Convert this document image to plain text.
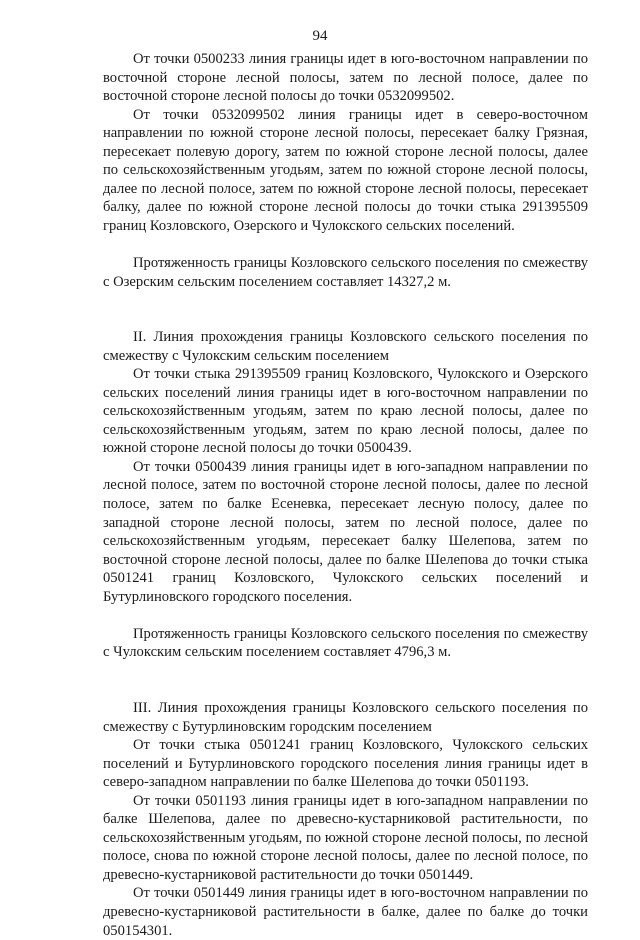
94

От точки 0500233 линия границы идет в юго-восточном направлении по восточной стороне лесной полосы, затем по лесной полосе, далее по восточной стороне лесной полосы до точки 0532099502.

От точки 0532099502 линия границы идет в северо-восточном направлении по южной стороне лесной полосы, пересекает балку Грязная, пересекает полевую дорогу, затем по южной стороне лесной полосы, далее по сельскохозяйственным угодьям, затем по южной стороне лесной полосы, далее по лесной полосе, затем по южной стороне лесной полосы, пересекает балку, далее по южной стороне лесной полосы до точки стыка 291395509 границ Козловского, Озерского и Чулокского сельских поселений.

Протяженность границы Козловского сельского поселения по смежеству с Озерским сельским поселением составляет 14327,2 м.

II. Линия прохождения границы Козловского сельского поселения по смежеству с Чулокским сельским поселением

От точки стыка 291395509 границ Козловского, Чулокского и Озерского сельских поселений линия границы идет в юго-восточном направлении по сельскохозяйственным угодьям, затем по краю лесной полосы, далее по сельскохозяйственным угодьям, затем по краю лесной полосы, далее по южной стороне лесной полосы до точки 0500439.

От точки 0500439 линия границы идет в юго-западном направлении по лесной полосе, затем по восточной стороне лесной полосы, далее по лесной полосе, затем по балке Есеневка, пересекает лесную полосу, далее по западной стороне лесной полосы, затем по лесной полосе, далее по сельскохозяйственным угодьям, пересекает балку Шелепова, затем по восточной стороне лесной полосы, далее по балке Шелепова до точки стыка 0501241 границ Козловского, Чулокского сельских поселений и Бутурлиновского городского поселения.

Протяженность границы Козловского сельского поселения по смежеству с Чулокским сельским поселением составляет 4796,3 м.

III. Линия прохождения границы Козловского сельского поселения по смежеству с Бутурлиновским городским поселением

От точки стыка 0501241 границ Козловского, Чулокского сельских поселений и Бутурлиновского городского поселения линия границы идет в северо-западном направлении по балке Шелепова до точки 0501193.

От точки 0501193 линия границы идет в юго-западном направлении по балке Шелепова, далее по древесно-кустарниковой растительности, по сельскохозяйственным угодьям, по южной стороне лесной полосы, по лесной полосе, снова по южной стороне лесной полосы, далее по лесной полосе, по древесно-кустарниковой растительности до точки 0501449.

От точки 0501449 линия границы идет в юго-восточном направлении по древесно-кустарниковой растительности в балке, далее по балке до точки 050154301.
